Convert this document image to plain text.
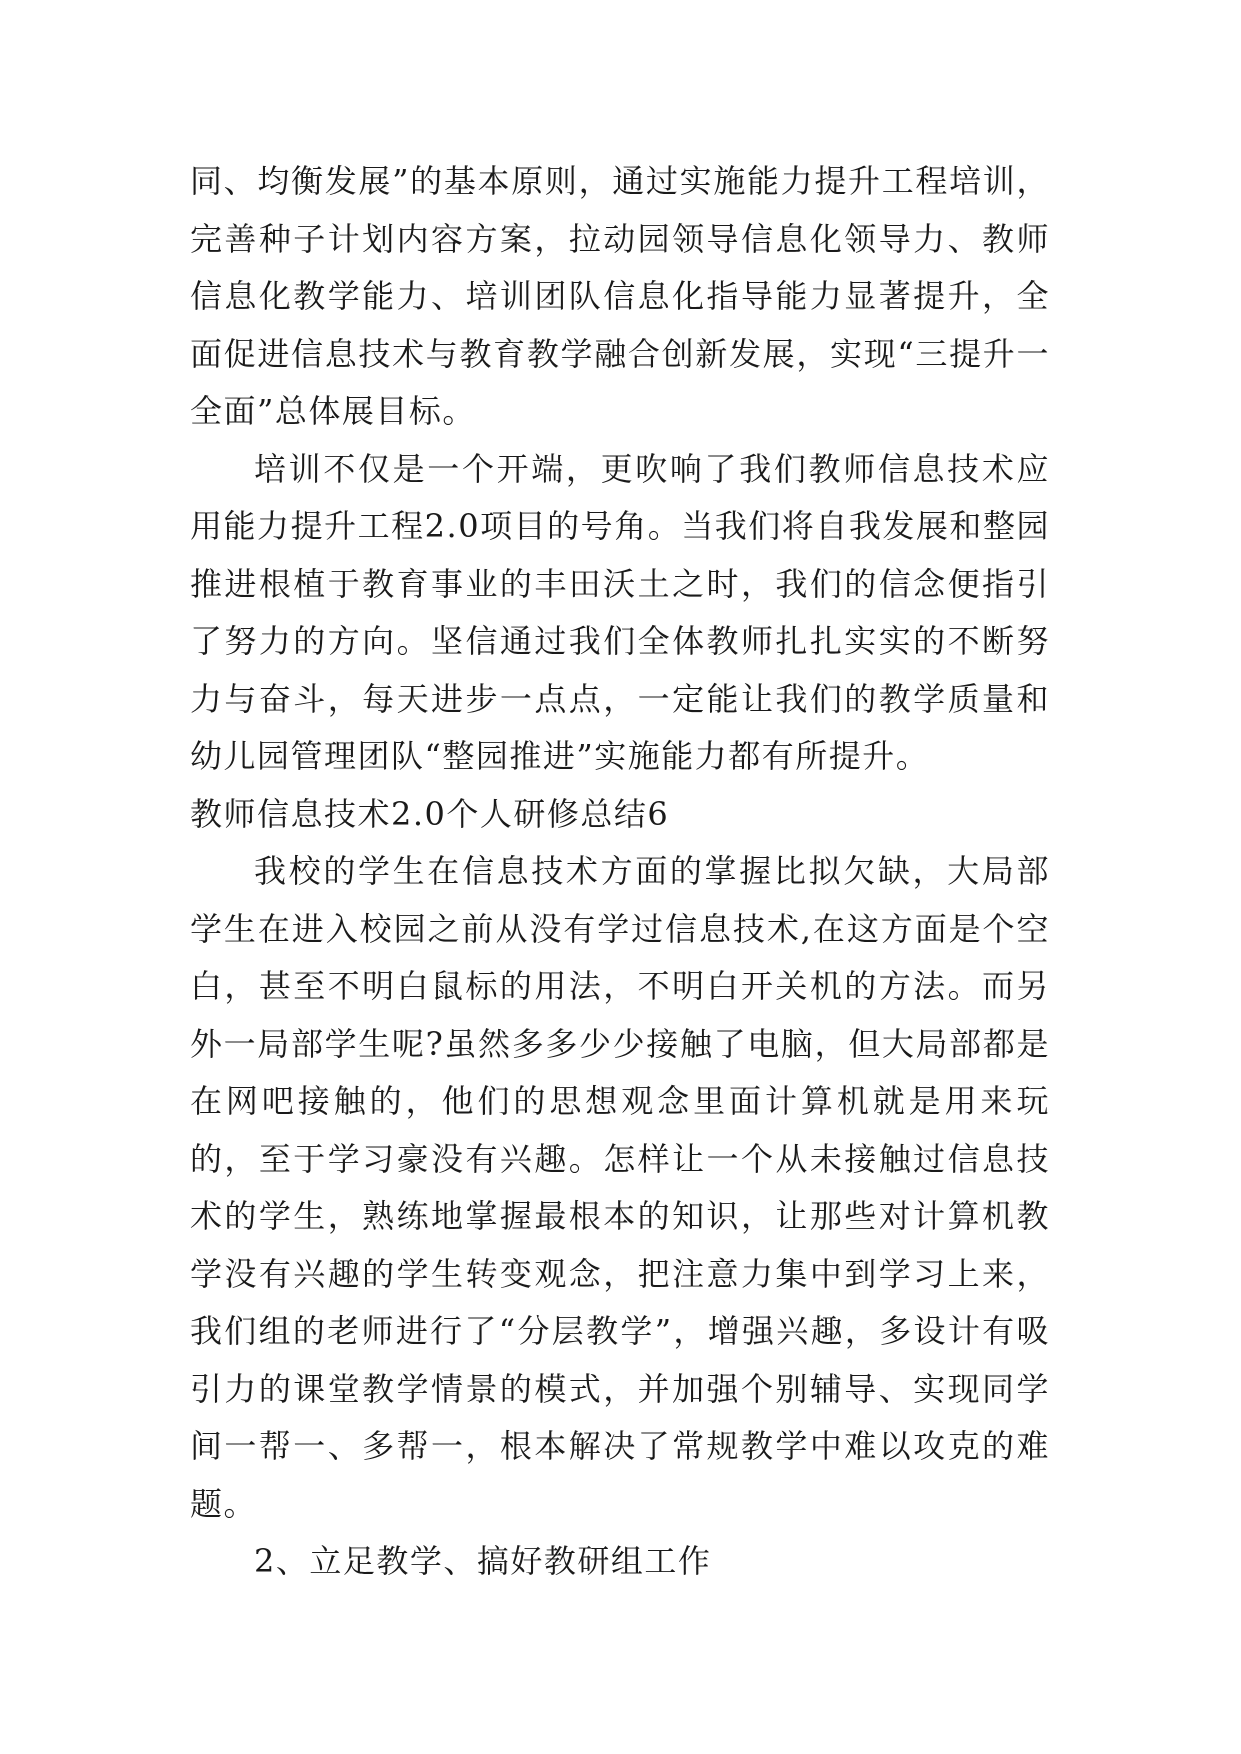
同、均衡发展”的基本原则，通过实施能力提升工程培训，完善种子计划内容方案，拉动园领导信息化领导力、教师信息化教学能力、培训团队信息化指导能力显著提升，全面促进信息技术与教育教学融合创新发展，实现“三提升一全面”总体展目标。

培训不仅是一个开端，更吹响了我们教师信息技术应用能力提升工程2.0项目的号角。当我们将自我发展和整园推进根植于教育事业的丰田沃土之时，我们的信念便指引了努力的方向。坚信通过我们全体教师扎扎实实的不断努力与奋斗，每天进步一点点，一定能让我们的教学质量和幼儿园管理团队“整园推进”实施能力都有所提升。

教师信息技术2.0个人研修总结6

我校的学生在信息技术方面的掌握比拟欠缺，大局部学生在进入校园之前从没有学过信息技术,在这方面是个空白，甚至不明白鼠标的用法，不明白开关机的方法。而另外一局部学生呢?虽然多多少少接触了电脑，但大局部都是在网吧接触的，他们的思想观念里面计算机就是用来玩的，至于学习豪没有兴趣。怎样让一个从未接触过信息技术的学生，熟练地掌握最根本的知识，让那些对计算机教学没有兴趣的学生转变观念，把注意力集中到学习上来，我们组的老师进行了“分层教学”，增强兴趣，多设计有吸引力的课堂教学情景的模式，并加强个别辅导、实现同学间一帮一、多帮一，根本解决了常规教学中难以攻克的难题。

2、立足教学、搞好教研组工作
